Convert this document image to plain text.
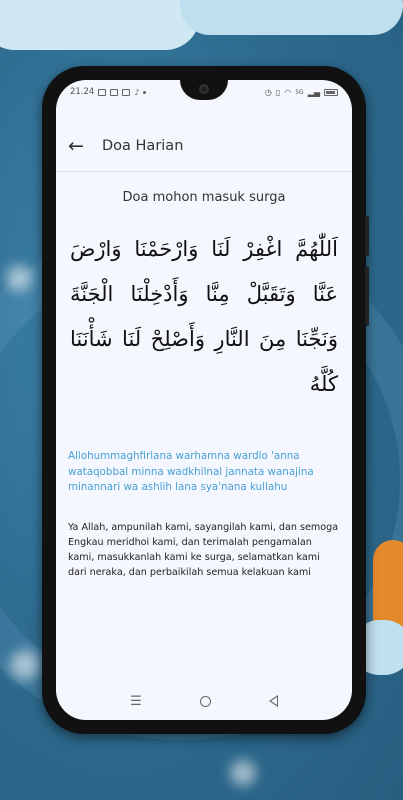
21.24	♪	◷ ▯ ◠ 5G ▂▄
←	Doa Harian
Doa mohon masuk surga
اَللّٰهُمَّ اغْفِرْ لَنَا وَارْحَمْنَا وَارْضَ عَنَّا وَتَقَبَّلْ مِنَّا وَأَدْخِلْنَا الْجَنَّةَ وَنَجِّنَا مِنَ النَّارِ وَأَصْلِحْ لَنَا شَأْنَنَا كُلَّهُ
Allohummaghfirlana warhamna wardlo 'anna wataqobbal minna wadkhilnal jannata wanajina minannari wa ashlih lana sya'nana kullahu
Ya Allah, ampunilah kami, sayangilah kami, dan semoga Engkau meridhoi kami, dan terimalah pengamalan kami, masukkanlah kami ke surga, selamatkan kami dari neraka, dan perbaikilah semua kelakuan kami
☰
